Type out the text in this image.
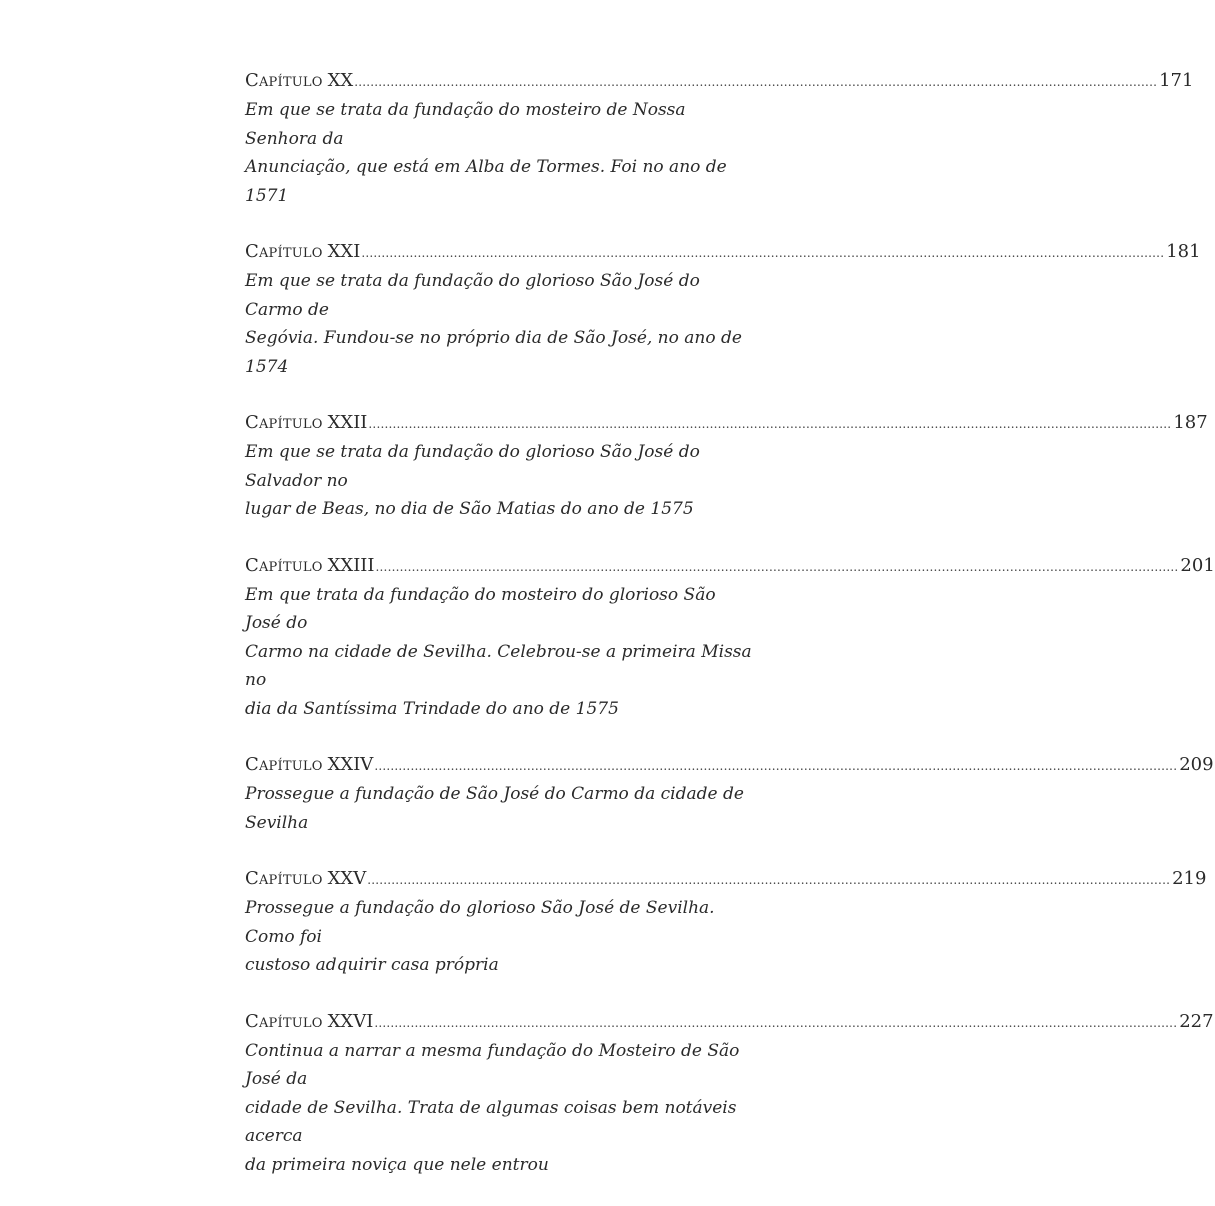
Capítulo XX ........................................................................................................................................................................................................ 171
Em que se trata da fundação do mosteiro de Nossa Senhora da
Anunciação, que está em Alba de Tormes. Foi no ano de 1571
Capítulo XXI ........................................................................................................................................................................................................ 181
Em que se trata da fundação do glorioso São José do Carmo de
Segóvia. Fundou-se no próprio dia de São José, no ano de 1574
Capítulo XXII ........................................................................................................................................................................................................ 187
Em que se trata da fundação do glorioso São José do Salvador no
lugar de Beas, no dia de São Matias do ano de 1575
Capítulo XXIII ........................................................................................................................................................................................................ 201
Em que trata da fundação do mosteiro do glorioso São José do
Carmo na cidade de Sevilha. Celebrou-se a primeira Missa no
dia da Santíssima Trindade do ano de 1575
Capítulo XXIV ........................................................................................................................................................................................................ 209
Prossegue a fundação de São José do Carmo da cidade de Sevilha
Capítulo XXV ........................................................................................................................................................................................................ 219
Prossegue a fundação do glorioso São José de Sevilha. Como foi
custoso adquirir casa própria
Capítulo XXVI ........................................................................................................................................................................................................ 227
Continua a narrar a mesma fundação do Mosteiro de São José da
cidade de Sevilha. Trata de algumas coisas bem notáveis acerca
da primeira noviça que nele entrou
